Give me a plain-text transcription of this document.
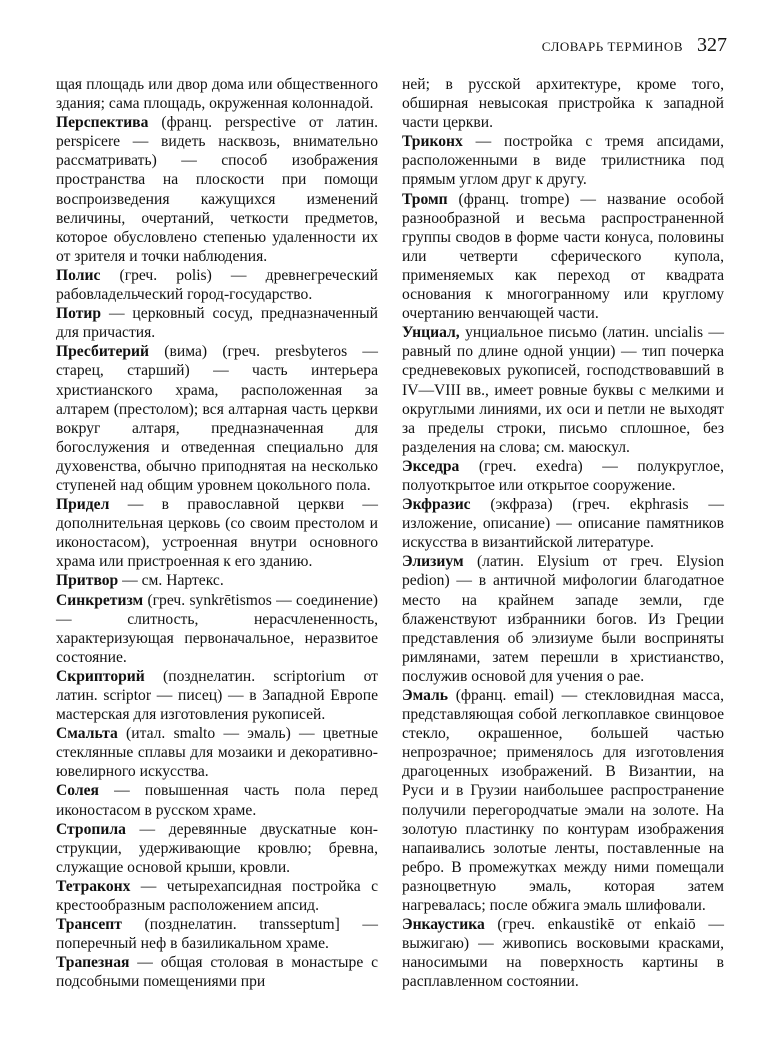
СЛОВАРЬ ТЕРМИНОВ 327

щая площадь или двор дома или общественного здания; сама площадь, окруженная колоннадой.

Перспектива (франц. perspective от латин. perspicere — видеть насквозь, внимательно рассматривать) — способ изображения пространства на плоскости при помощи воспроизведения кажущихся изменений величины, очертаний, четкости предметов, которое обусловлено степенью удаленности их от зрителя и точки наблюдения.

Полис (греч. polis) — древнегреческий рабовладельческий город-государство.

Потир — церковный сосуд, предназначенный для причастия.

Пресбитерий (вима) (греч. presbyteros — старец, старший) — часть интерьера христианского храма, расположенная за алтарем (престолом); вся алтарная часть церкви вокруг алтаря, предназначенная для богослужения и отведенная специально для духовенства, обычно приподнятая на несколько ступеней над общим уровнем цокольного пола.

Придел — в православной церкви — дополнительная церковь (со своим престолом и иконостасом), устроенная внутри основного храма или пристроенная к его зданию.

Притвор — см. Нартекс.

Синкретизм (греч. synkrētismos — соединение) — слитность, нерасчлененность, характеризующая первоначальное, неразвитое состояние.

Скрипторий (позднелатин. scriptorium от латин. scriptor — писец) — в Западной Европе мастерская для изготовления рукописей.

Смальта (итал. smalto — эмаль) — цветные стеклянные сплавы для мозаики и декоративно-ювелирного искусства.

Солея — повышенная часть пола перед иконостасом в русском храме.

Стропила — деревянные двускатные конструкции, удерживающие кровлю; бревна, служащие основой крыши, кровли.

Тетраконх — четырехапсидная постройка с крестообразным расположением апсид.

Трансепт (позднелатин. transseptum] — поперечный неф в базиликальном храме.

Трапезная — общая столовая в монастыре с подсобными помещениями при

ней; в русской архитектуре, кроме того, обширная невысокая пристройка к западной части церкви.

Триконх — постройка с тремя апсидами, расположенными в виде трилистника под прямым углом друг к другу.

Тромп (франц. trompe) — название особой разнообразной и весьма распространенной группы сводов в форме части конуса, половины или четверти сферического купола, применяемых как переход от квадрата основания к многогранному или круглому очертанию венчающей части.

Унциал, унциальное письмо (латин. uncialis — равный по длине одной унции) — тип почерка средневековых рукописей, господствовавший в IV—VIII вв., имеет ровные буквы с мелкими и округлыми линиями, их оси и петли не выходят за пределы строки, письмо сплошное, без разделения на слова; см. маюскул.

Экседра (греч. exedra) — полукруглое, полуоткрытое или открытое сооружение.

Экфразис (экфраза) (греч. ekphrasis — изложение, описание) — описание памятников искусства в византийской литературе.

Элизиум (латин. Elysium от греч. Elysion pedion) — в античной мифологии благодатное место на крайнем западе земли, где блаженствуют избранники богов. Из Греции представления об элизиуме были восприняты римлянами, затем перешли в христианство, послужив основой для учения о рае.

Эмаль (франц. email) — стекловидная масса, представляющая собой легкоплавкое свинцовое стекло, окрашенное, большей частью непрозрачное; применялось для изготовления драгоценных изображений. В Византии, на Руси и в Грузии наибольшее распространение получили перегородчатые эмали на золоте. На золотую пластинку по контурам изображения напаивались золотые ленты, поставленные на ребро. В промежутках между ними помещали разноцветную эмаль, которая затем нагревалась; после обжига эмаль шлифовали.

Энкаустика (греч. enkaustikē от enkaiō — выжигаю) — живопись восковыми красками, наносимыми на поверхность картины в расплавленном состоянии.
